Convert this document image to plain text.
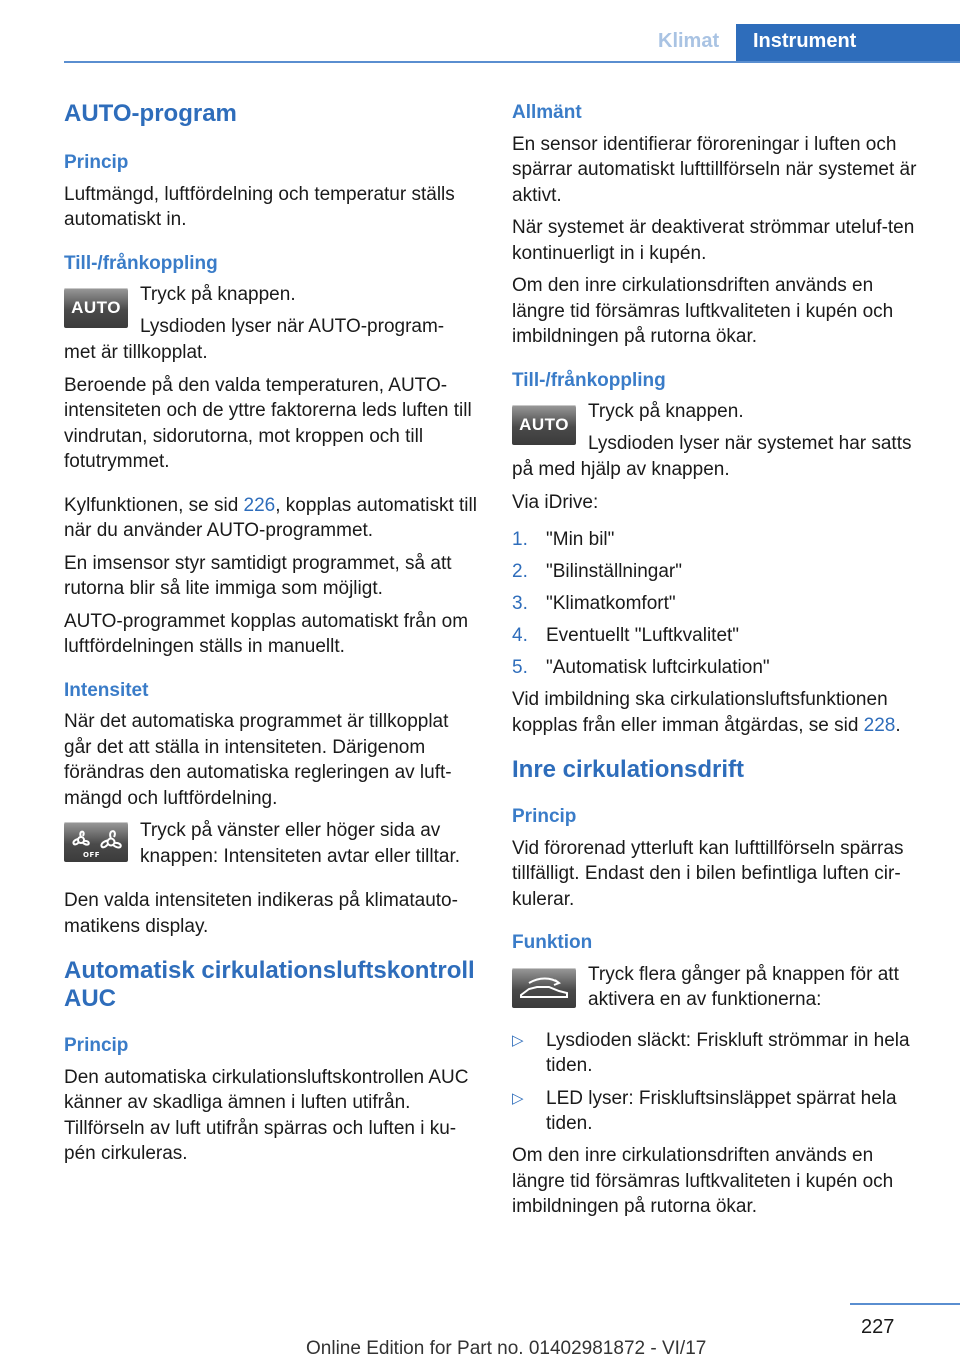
Klimat	Instrument
AUTO-program
Princip

Luftmängd, luftfördelning och temperatur ställs automatiskt in.

Till-/frånkoppling
AUTO

Tryck på knappen.

Lysdioden lyser när AUTO-program-

met är tillkopplat.

Beroende på den valda temperaturen, AUTO-intensiteten och de yttre faktorerna leds luften till vindrutan, sidorutorna, mot kroppen och till fotutrymmet.

Kylfunktionen, se sid 226, kopplas automatiskt till när du använder AUTO-programmet.

En imsensor styr samtidigt programmet, så att rutorna blir så lite immiga som möjligt.

AUTO-programmet kopplas automatiskt från om luftfördelningen ställs in manuellt.

Intensitet

När det automatiska programmet är tillkopplat går det att ställa in intensiteten. Därigenom förändras den automatiska regleringen av luft-mängd och luftfördelning.

OFF

Tryck på vänster eller höger sida av knappen: Intensiteten avtar eller tilltar.

Den valda intensiteten indikeras på klimatauto-matikens display.

Automatisk cirkulationsluftskontroll AUC
Princip

Den automatiska cirkulationsluftskontrollen AUC känner av skadliga ämnen i luften utifrån. Tillförseln av luft utifrån spärras och luften i ku-pén cirkuleras.

Allmänt

En sensor identifierar föroreningar i luften och spärrar automatiskt lufttillförseln när systemet är aktivt.

När systemet är deaktiverat strömmar uteluf-ten kontinuerligt in i kupén.

Om den inre cirkulationsdriften används en längre tid försämras luftkvaliteten i kupén och imbildningen på rutorna ökar.

Till-/frånkoppling
AUTO

Tryck på knappen.

Lysdioden lyser när systemet har satts

på med hjälp av knappen.

Via iDrive:

1. "Min bil"
2. "Bilinställningar"
3. "Klimatkomfort"
4. Eventuellt "Luftkvalitet"
5. "Automatisk luftcirkulation"

Vid imbildning ska cirkulationsluftsfunktionen kopplas från eller imman åtgärdas, se sid 228.

Inre cirkulationsdrift
Princip

Vid förorenad ytterluft kan lufttillförseln spärras tillfälligt. Endast den i bilen befintliga luften cir-kulerar.

Funktion

Tryck flera gånger på knappen för att aktivera en av funktionerna:

▷ Lysdioden släckt: Friskluft strömmar in hela tiden.
▷ LED lyser: Friskluftsinsläppet spärrat hela tiden.

Om den inre cirkulationsdriften används en längre tid försämras luftkvaliteten i kupén och imbildningen på rutorna ökar.

227
Online Edition for Part no. 01402981872 - VI/17
